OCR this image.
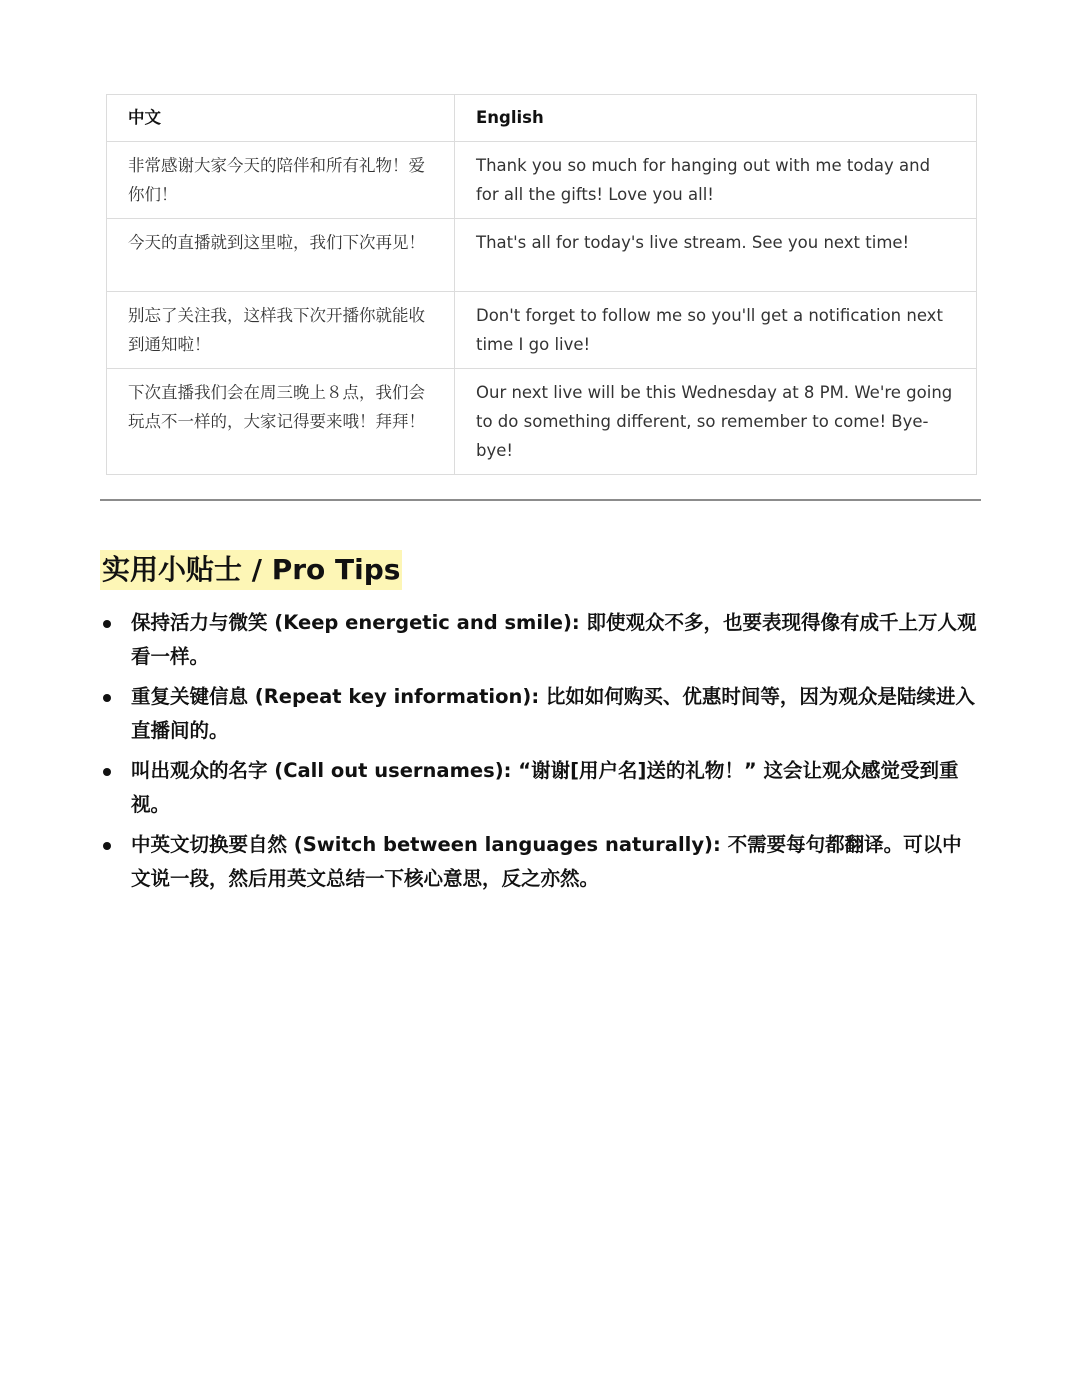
中文	English
非常感谢大家今天的陪伴和所有礼物！爱你们！	Thank you so much for hanging out with me today and for all the gifts! Love you all!
今天的直播就到这里啦，我们下次再见！	That's all for today's live stream. See you next time!
别忘了关注我，这样我下次开播你就能收到通知啦！	Don't forget to follow me so you'll get a notification next time I go live!
下次直播我们会在周三晚上８点，我们会玩点不一样的，大家记得要来哦！拜拜！	Our next live will be this Wednesday at 8 PM. We're going to do something different, so remember to come! Bye-bye!
实用小贴士 / Pro Tips
保持活力与微笑 (Keep energetic and smile): 即使观众不多，也要表现得像有成千上万人观看一样。
重复关键信息 (Repeat key information): 比如如何购买、优惠时间等，因为观众是陆续进入直播间的。
叫出观众的名字 (Call out usernames): “谢谢[用户名]送的礼物！” 这会让观众感觉受到重视。
中英文切换要自然 (Switch between languages naturally): 不需要每句都翻译。可以中文说一段，然后用英文总结一下核心意思，反之亦然。
